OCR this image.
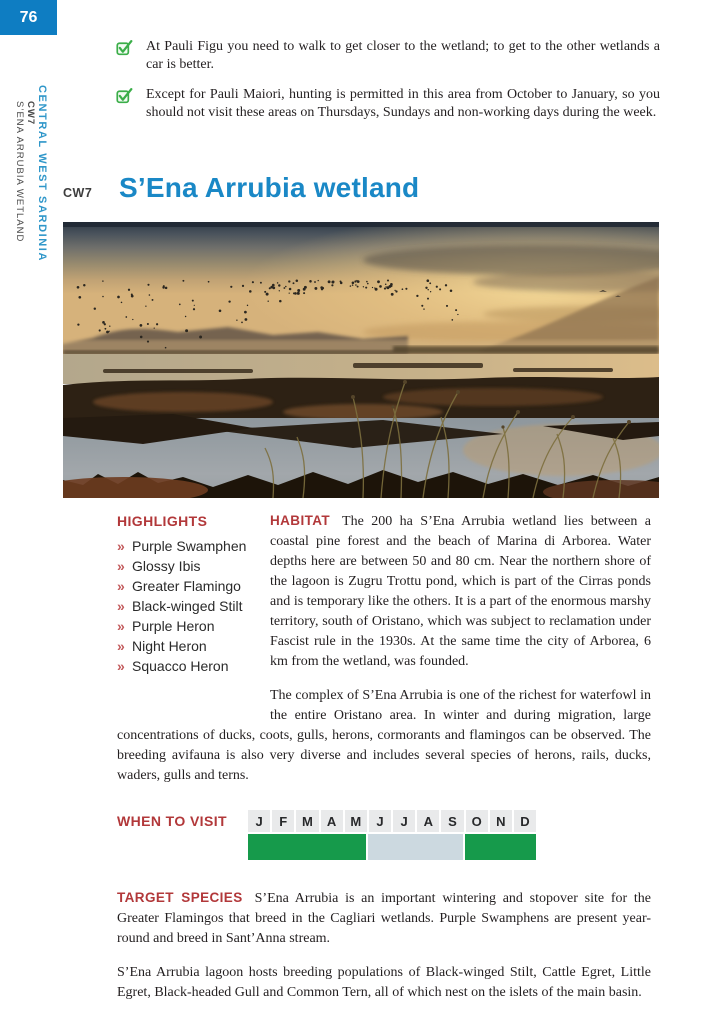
76
CENTRAL WEST SARDINIA
CW7
S’ENA ARRUBIA WETLAND

At Pauli Figu you need to walk to get closer to the wetland; to get to the other wetlands a car is better.

Except for Pauli Maiori, hunting is permitted in this area from October to January, so you should not visit these areas on Thursdays, Sundays and non-working days during the week.

CW7 S’Ena Arrubia wetland
HIGHLIGHTS
» Purple Swamphen
» Glossy Ibis
» Greater Flamingo
» Black-winged Stilt
» Purple Heron
» Night Heron
» Squacco Heron

HABITAT The 200 ha S’Ena Arrubia wetland lies between a coastal pine forest and the beach of Marina di Arborea. Water depths here are between 50 and 80 cm. Near the northern shore of the lagoon is Zugru Trottu pond, which is part of the Cirras ponds and is temporary like the others. It is a part of the enormous marshy territory, south of Oristano, which was subject to reclamation under Fascist rule in the 1930s. At the same time the city of Arborea, 6 km from the wetland, was founded.

The complex of S’Ena Arrubia is one of the richest for waterfowl in the entire Oristano area. In winter and during migration, large concentrations of ducks, coots, gulls, herons, cormorants and flamingos can be observed. The breeding avifauna is also very diverse and includes several species of herons, rails, ducks, waders, gulls and terns.

WHEN TO VISIT	J	F	M	A	M	J	J	A	S	O	N	D

TARGET SPECIES S’Ena Arrubia is an important wintering and stopover site for the Greater Flamingos that breed in the Cagliari wetlands. Purple Swamphens are present year-round and breed in Sant’Anna stream.

S’Ena Arrubia lagoon hosts breeding populations of Black-winged Stilt, Cattle Egret, Little Egret, Black-headed Gull and Common Tern, all of which nest on the islets of the main basin.
